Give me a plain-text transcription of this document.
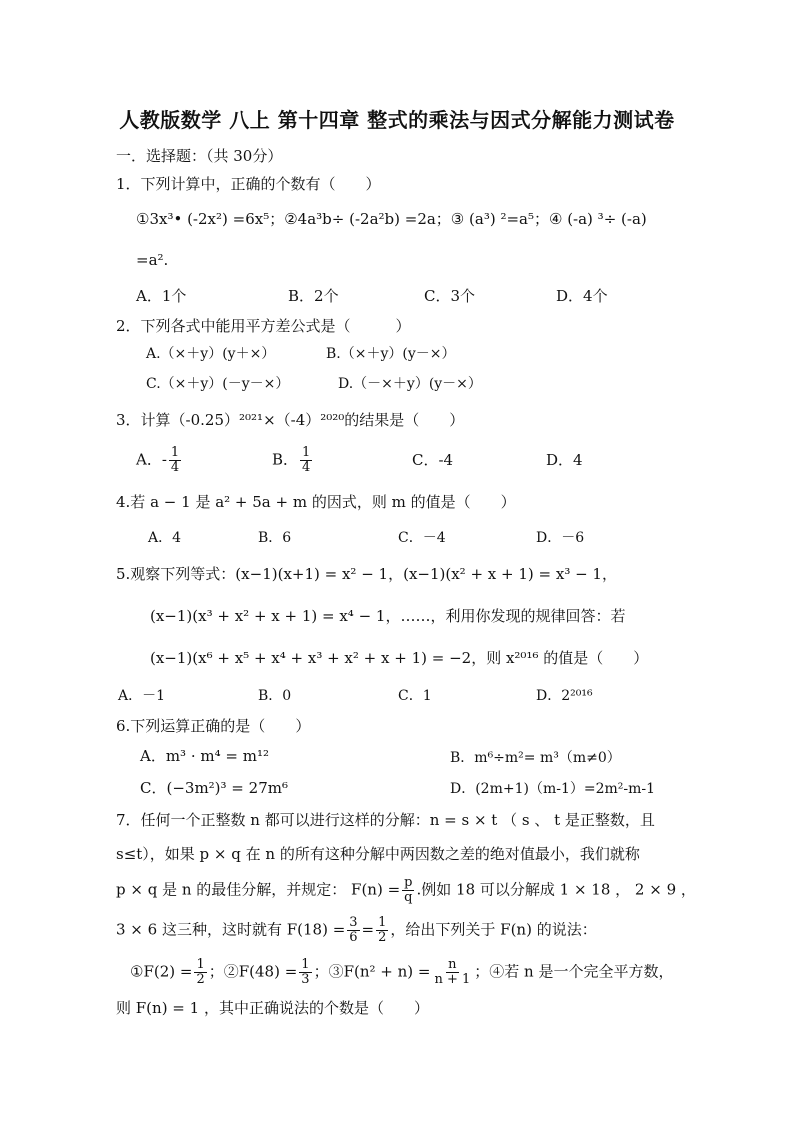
人教版数学 八上 第十四章 整式的乘法与因式分解能力测试卷
一．选择题：（共 30分）
1．下列计算中，正确的个数有（　　）
①3x³• (-2x²) =6x⁵；②4a³b÷ (-2a²b) =2a；③ (a³) ²=a⁵；④ (-a) ³÷ (-a)
=a².
A．1个	B．2个	C．3个	D．4个
2．下列各式中能用平方差公式是（　　　）
A.（×＋y）(y＋×）	B.（×＋y）(y－×）
C.（×＋y）(－y－×）	D.（－×＋y）(y－×）
3．计算（-0.25）²⁰²¹×（-4）²⁰²⁰的结果是（　　）
A．- $\frac{1}{4}$	B． $\frac{1}{4}$	C．-4	D．4
4.若 a − 1 是 a² + 5a + m 的因式，则 m 的值是（　　）
A．4	B．6	C．－4	D．－6
5.观察下列等式：(x−1)(x+1) = x² − 1，(x−1)(x² + x + 1) = x³ − 1，
(x−1)(x³ + x² + x + 1) = x⁴ − 1，……，利用你发现的规律回答：若
(x−1)(x⁶ + x⁵ + x⁴ + x³ + x² + x + 1) = −2，则 x²⁰¹⁶ 的值是（　　）
A．－1	B．0	C．1	D．2²⁰¹⁶
6.下列运算正确的是（　　）
A．m³ · m⁴ = m¹²	B．m⁶÷m²= m³（m≠0）
C．(−3m²)³ = 27m⁶	D．(2m+1)（m-1）=2m²-m-1
7．任何一个正整数 n 都可以进行这样的分解：n = s × t （ s 、 t 是正整数，且
s≤t），如果 p × q 在 n 的所有这种分解中两因数之差的绝对值最小，我们就称
p × q 是 n 的最佳分解，并规定： $F(n) = \frac{p}{q}$ .例如 18 可以分解成 1 × 18 ， 2 × 9 ，
3 × 6 这三种，这时就有 $F(18) = \frac{3}{6} = \frac{1}{2}$ ，给出下列关于 F(n) 的说法：
①F(2) = $\frac{1}{2}$ ；②F(48) = $\frac{1}{3}$ ；③F(n² + $n) = \frac{n}{n + 1}$ ；④若 n 是一个完全平方数，
则 F(n) = 1 ，其中正确说法的个数是（　　）
